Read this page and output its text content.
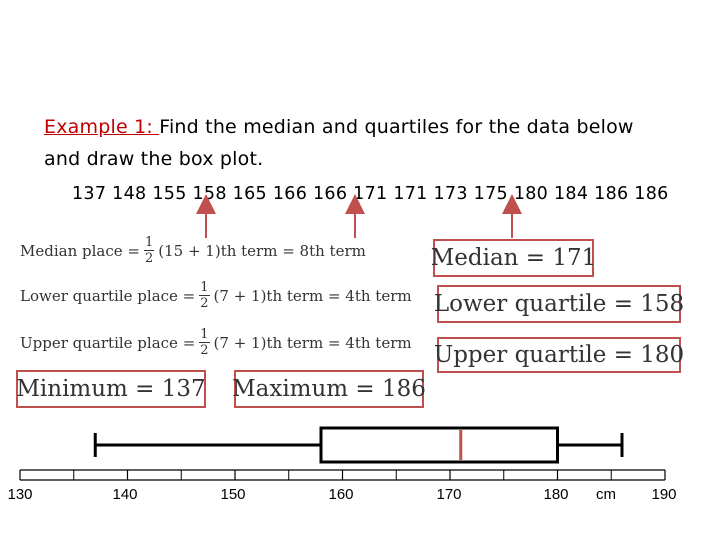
Example 1: Find the median and quartiles for the data below
and draw the box plot.
137 148 155 158 165 166 166 171 171 173 175 180 184 186 186
Median place = $\frac{1}{2} (15 + 1)th$ term = 8th term
Lower quartile place = $\frac{1}{2} (7 + 1)th$ term = 4th term
Upper quartile place = $\frac{1}{2} (7 + 1)th$ term = 4th term
Median = 171
Lower quartile = 158
Upper quartile = 180
Minimum = 137 Maximum = 186
130	140	150	160	170	180	190
cm
